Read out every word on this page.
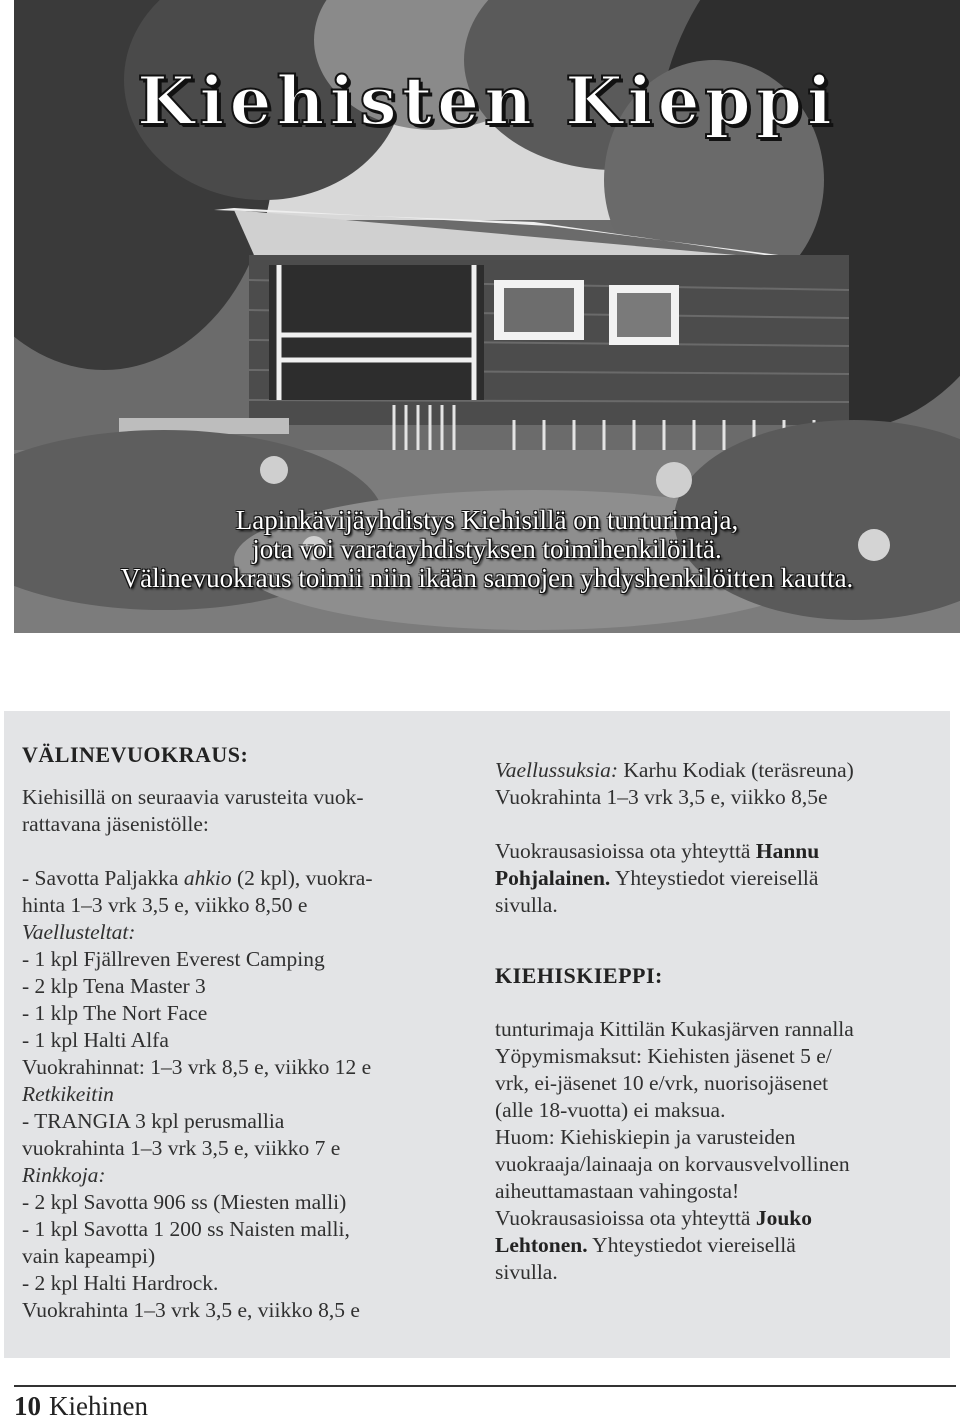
Kiehisten Kieppi
Lapinkävijäyhdistys Kiehisillä on tunturimaja,
jota voi varatayhdistyksen toimihenkilöiltä.
Välinevuokraus toimii niin ikään samojen yhdyshenkilöitten kautta.

VÄLINEVUOKRAUS:

Kiehisillä on seuraavia varusteita vuok-

rattavana jäsenistölle:

- Savotta Paljakka ahkio (2 kpl), vuokra-

hinta 1–3 vrk 3,5 e, viikko 8,50 e

Vaellusteltat:

- 1 kpl Fjällreven Everest Camping

- 2 klp Tena Master 3

- 1 klp The Nort Face

- 1 kpl Halti Alfa

Vuokrahinnat: 1–3 vrk 8,5 e, viikko 12 e

Retkikeitin

- TRANGIA 3 kpl perusmallia

vuokrahinta 1–3 vrk 3,5 e, viikko 7 e

Rinkkoja:

- 2 kpl Savotta 906 ss (Miesten malli)

- 1 kpl Savotta 1 200 ss Naisten malli,

vain kapeampi)

- 2 kpl Halti Hardrock.

Vuokrahinta 1–3 vrk 3,5 e, viikko 8,5 e

Vaellussuksia: Karhu Kodiak (teräsreuna)

Vuokrahinta 1–3 vrk 3,5 e, viikko 8,5e

Vuokrausasioissa ota yhteyttä Hannu

Pohjalainen. Yhteystiedot viereisellä

sivulla.

KIEHISKIEPPI:

tunturimaja Kittilän Kukasjärven rannalla

Yöpymismaksut: Kiehisten jäsenet 5 e/

vrk, ei-jäsenet 10 e/vrk, nuorisojäsenet

(alle 18-vuotta) ei maksua.

Huom: Kiehiskiepin ja varusteiden

vuokraaja/lainaaja on korvausvelvollinen

aiheuttamastaan vahingosta!

Vuokrausasioissa ota yhteyttä Jouko

Lehtonen. Yhteystiedot viereisellä

sivulla.

10 Kiehinen
